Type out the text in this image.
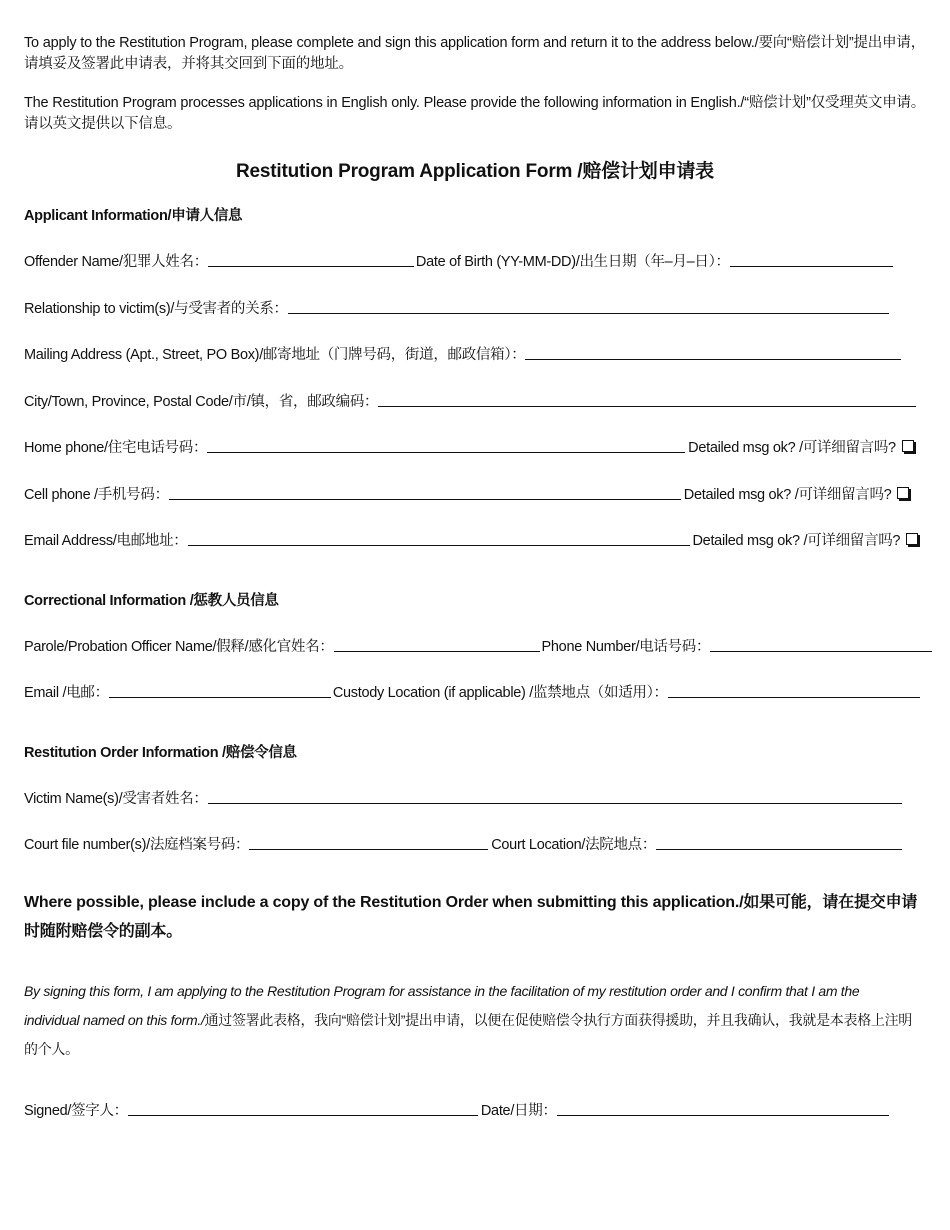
To apply to the Restitution Program, please complete and sign this application form and return it to the address below./要向“赔偿计划”提出申请，请填妥及签署此申请表，并将其交回到下面的地址。
The Restitution Program processes applications in English only. Please provide the following information in English./“赔偿计划”仅受理英文申请。请以英文提供以下信息。
Restitution Program Application Form /赔偿计划申请表
Applicant Information/申请人信息
Offender Name/犯罪人姓名：	Date of Birth (YY-MM-DD)/出生日期（年–月–日）：
Relationship to victim(s)/与受害者的关系：
Mailing Address (Apt., Street, PO Box)/邮寄地址（门牌号码，街道，邮政信箱）：
City/Town, Province, Postal Code/市/镇，省，邮政编码：
Home phone/住宅电话号码：	Detailed msg ok? /可详细留言吗?
Cell phone /手机号码：	Detailed msg ok? /可详细留言吗?
Email Address/电邮地址：	Detailed msg ok? /可详细留言吗?
Correctional Information /惩教人员信息
Parole/Probation Officer Name/假释/感化官姓名：	Phone Number/电话号码：
Email /电邮：	Custody Location (if applicable) /监禁地点（如适用）：
Restitution Order Information /赔偿令信息
Victim Name(s)/受害者姓名：
Court file number(s)/法庭档案号码：	Court Location/法院地点：
Where possible, please include a copy of the Restitution Order when submitting this application./如果可能，请在提交申请时随附赔偿令的副本。
By signing this form, I am applying to the Restitution Program for assistance in the facilitation of my restitution order and I confirm that I am the individual named on this form./通过签署此表格，我向“赔偿计划”提出申请，以便在促使赔偿令执行方面获得援助，并且我确认，我就是本表格上注明的个人。
Signed/签字人：	Date/日期：
